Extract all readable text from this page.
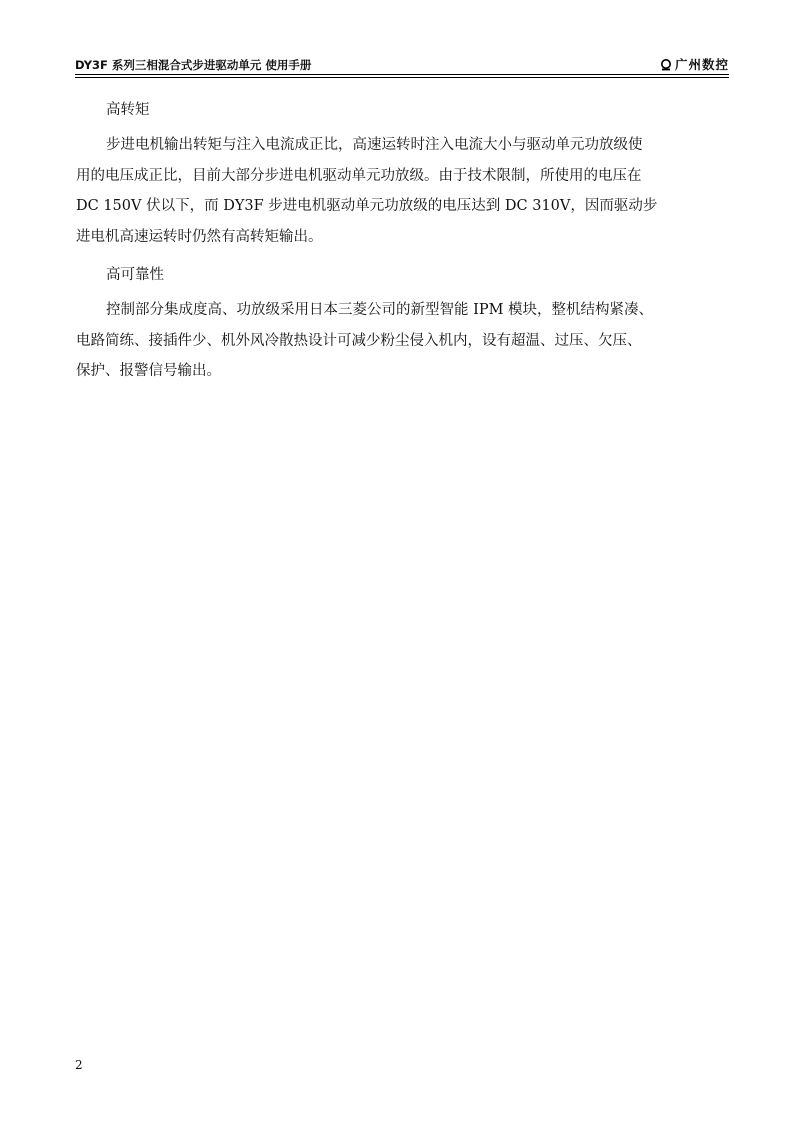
DY3F 系列三相混合式步进驱动单元 使用手册	广州数控
高转矩

步进电机输出转矩与注入电流成正比，高速运转时注入电流大小与驱动单元功放级使
用的电压成正比，目前大部分步进电机驱动单元功放级。由于技术限制，所使用的电压在
DC 150V 伏以下，而 DY3F 步进电机驱动单元功放级的电压达到 DC 310V，因而驱动步
进电机高速运转时仍然有高转矩输出。

高可靠性

控制部分集成度高、功放级采用日本三菱公司的新型智能 IPM 模块，整机结构紧凑、
电路简练、接插件少、机外风冷散热设计可减少粉尘侵入机内，设有超温、过压、欠压、
保护、报警信号输出。

2
